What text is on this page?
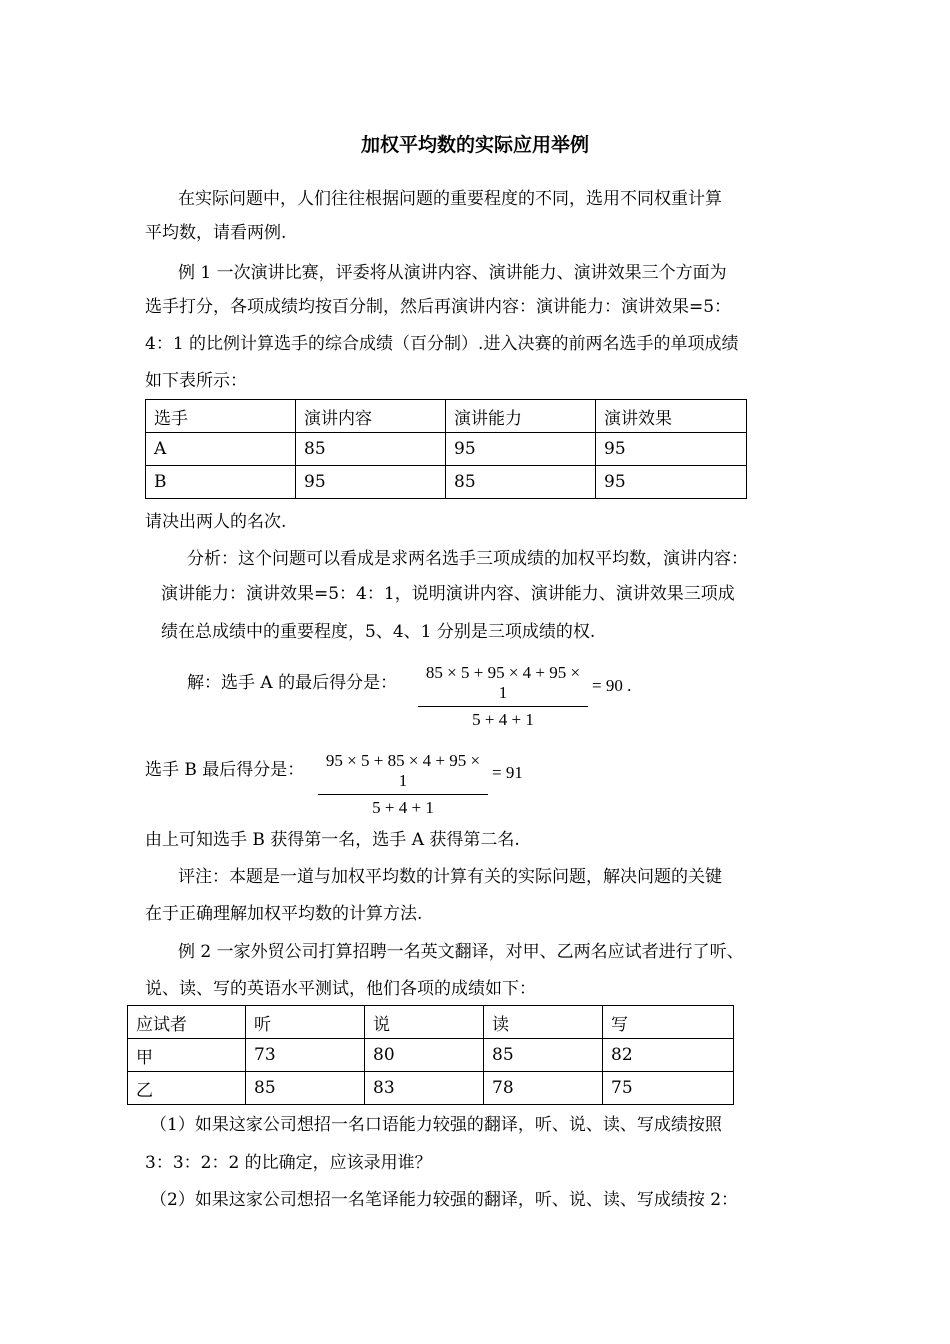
加权平均数的实际应用举例
在实际问题中，人们往往根据问题的重要程度的不同，选用不同权重计算
平均数，请看两例.
例 1 一次演讲比赛，评委将从演讲内容、演讲能力、演讲效果三个方面为
选手打分，各项成绩均按百分制，然后再演讲内容：演讲能力：演讲效果=5：
4：1 的比例计算选手的综合成绩（百分制）.进入决赛的前两名选手的单项成绩
如下表所示：
选手	演讲内容	演讲能力	演讲效果
A	85	95	95
B	95	85	95
请决出两人的名次.
分析：这个问题可以看成是求两名选手三项成绩的加权平均数，演讲内容：
演讲能力：演讲效果=5：4：1，说明演讲内容、演讲能力、演讲效果三项成
绩在总成绩中的重要程度，5、4、1 分别是三项成绩的权.
解：选手 A 的最后得分是：
85 × 5 + 95 × 4 + 95 × 1
5 + 4 + 1
= 90 .
选手 B 最后得分是：	95 × 5 + 85 × 4 + 95 × 1
5 + 4 + 1
= 91
由上可知选手 B 获得第一名，选手 A 获得第二名.
评注：本题是一道与加权平均数的计算有关的实际问题，解决问题的关键
在于正确理解加权平均数的计算方法.
例 2 一家外贸公司打算招聘一名英文翻译，对甲、乙两名应试者进行了听、
说、读、写的英语水平测试，他们各项的成绩如下：
应试者	听	说	读	写
甲	73	80	85	82
乙	85	83	78	75
（1）如果这家公司想招一名口语能力较强的翻译，听、说、读、写成绩按照
3：3：2：2 的比确定，应该录用谁？
（2）如果这家公司想招一名笔译能力较强的翻译，听、说、读、写成绩按 2：
